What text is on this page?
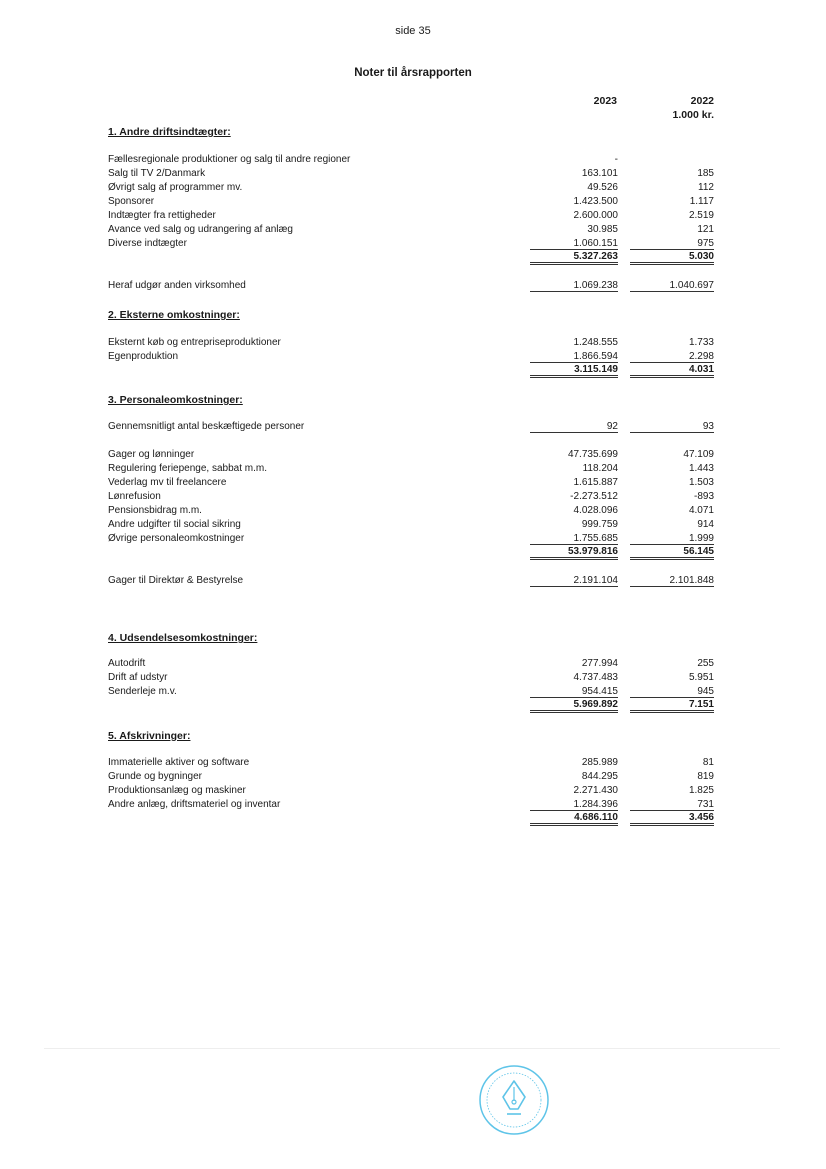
side 35
Noter til årsrapporten
2023	2022
1.000 kr.
1. Andre driftsindtægter:
Fællesregionale produktioner og salg til andre regioner	-
Salg til TV 2/Danmark	163.101	185
Øvrigt salg af programmer mv.	49.526	112
Sponsorer	1.423.500	1.117
Indtægter fra rettigheder	2.600.000	2.519
Avance ved salg og udrangering af anlæg	30.985	121
Diverse indtægter	1.060.151	975
5.327.263	5.030
Heraf udgør anden virksomhed	1.069.238	1.040.697
2. Eksterne omkostninger:
Eksternt køb og entrepriseproduktioner	1.248.555	1.733
Egenproduktion	1.866.594	2.298
3.115.149	4.031
3. Personaleomkostninger:
Gennemsnitligt antal beskæftigede personer	92	93
Gager og lønninger	47.735.699	47.109
Regulering feriepenge, sabbat m.m.	118.204	1.443
Vederlag mv til freelancere	1.615.887	1.503
Lønrefusion	-2.273.512	-893
Pensionsbidrag m.m.	4.028.096	4.071
Andre udgifter til social sikring	999.759	914
Øvrige personaleomkostninger	1.755.685	1.999
53.979.816	56.145
Gager til Direktør & Bestyrelse	2.191.104	2.101.848
4. Udsendelsesomkostninger:
Autodrift	277.994	255
Drift af udstyr	4.737.483	5.951
Senderleje m.v.	954.415	945
5.969.892	7.151
5. Afskrivninger:
Immaterielle aktiver og software	285.989	81
Grunde og bygninger	844.295	819
Produktionsanlæg og maskiner	2.271.430	1.825
Andre anlæg, driftsmateriel og inventar	1.284.396	731
4.686.110	3.456
